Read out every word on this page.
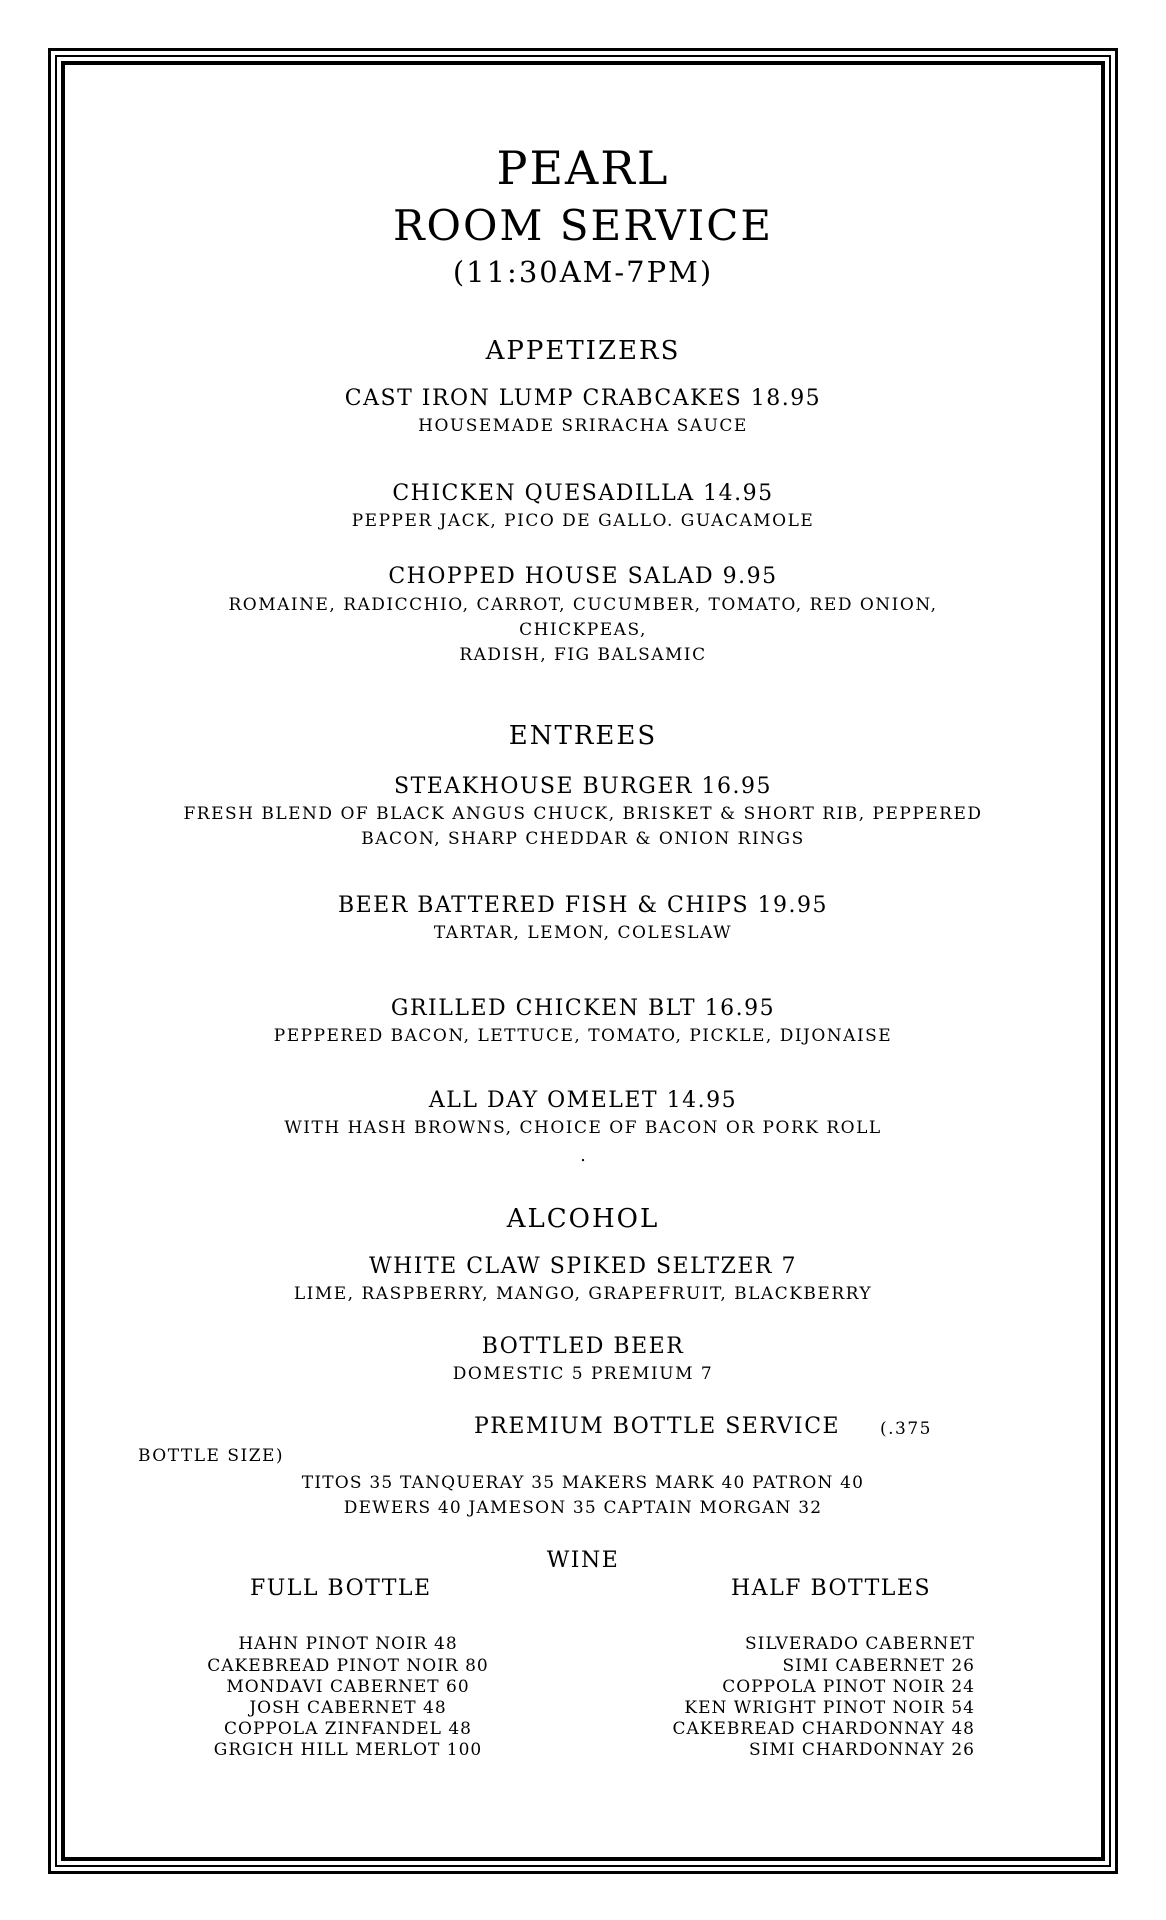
PEARL
ROOM SERVICE
(11:30AM-7PM)
APPETIZERS
CAST IRON LUMP CRABCAKES 18.95
HOUSEMADE SRIRACHA SAUCE
CHICKEN QUESADILLA 14.95
PEPPER JACK, PICO DE GALLO. GUACAMOLE
CHOPPED HOUSE SALAD 9.95
ROMAINE, RADICCHIO, CARROT, CUCUMBER, TOMATO, RED ONION,
CHICKPEAS,
RADISH, FIG BALSAMIC
ENTREES
STEAKHOUSE BURGER 16.95
FRESH BLEND OF BLACK ANGUS CHUCK, BRISKET & SHORT RIB, PEPPERED
BACON, SHARP CHEDDAR & ONION RINGS
BEER BATTERED FISH & CHIPS 19.95
TARTAR, LEMON, COLESLAW
GRILLED CHICKEN BLT 16.95
PEPPERED BACON, LETTUCE, TOMATO, PICKLE, DIJONAISE
ALL DAY OMELET 14.95
WITH HASH BROWNS, CHOICE OF BACON OR PORK ROLL
.
ALCOHOL
WHITE CLAW SPIKED SELTZER 7
LIME, RASPBERRY, MANGO, GRAPEFRUIT, BLACKBERRY
BOTTLED BEER
DOMESTIC 5 PREMIUM 7
PREMIUM BOTTLE SERVICE (.375
BOTTLE SIZE)
TITOS 35 TANQUERAY 35 MAKERS MARK 40 PATRON 40
DEWERS 40 JAMESON 35 CAPTAIN MORGAN 32
WINE
FULL BOTTLE	HALF BOTTLES
HAHN PINOT NOIR 48
CAKEBREAD PINOT NOIR 80
MONDAVI CABERNET 60
JOSH CABERNET 48
COPPOLA ZINFANDEL 48
GRGICH HILL MERLOT 100
SILVERADO CABERNET
SIMI CABERNET 26
COPPOLA PINOT NOIR 24
KEN WRIGHT PINOT NOIR 54
CAKEBREAD CHARDONNAY 48
SIMI CHARDONNAY 26
